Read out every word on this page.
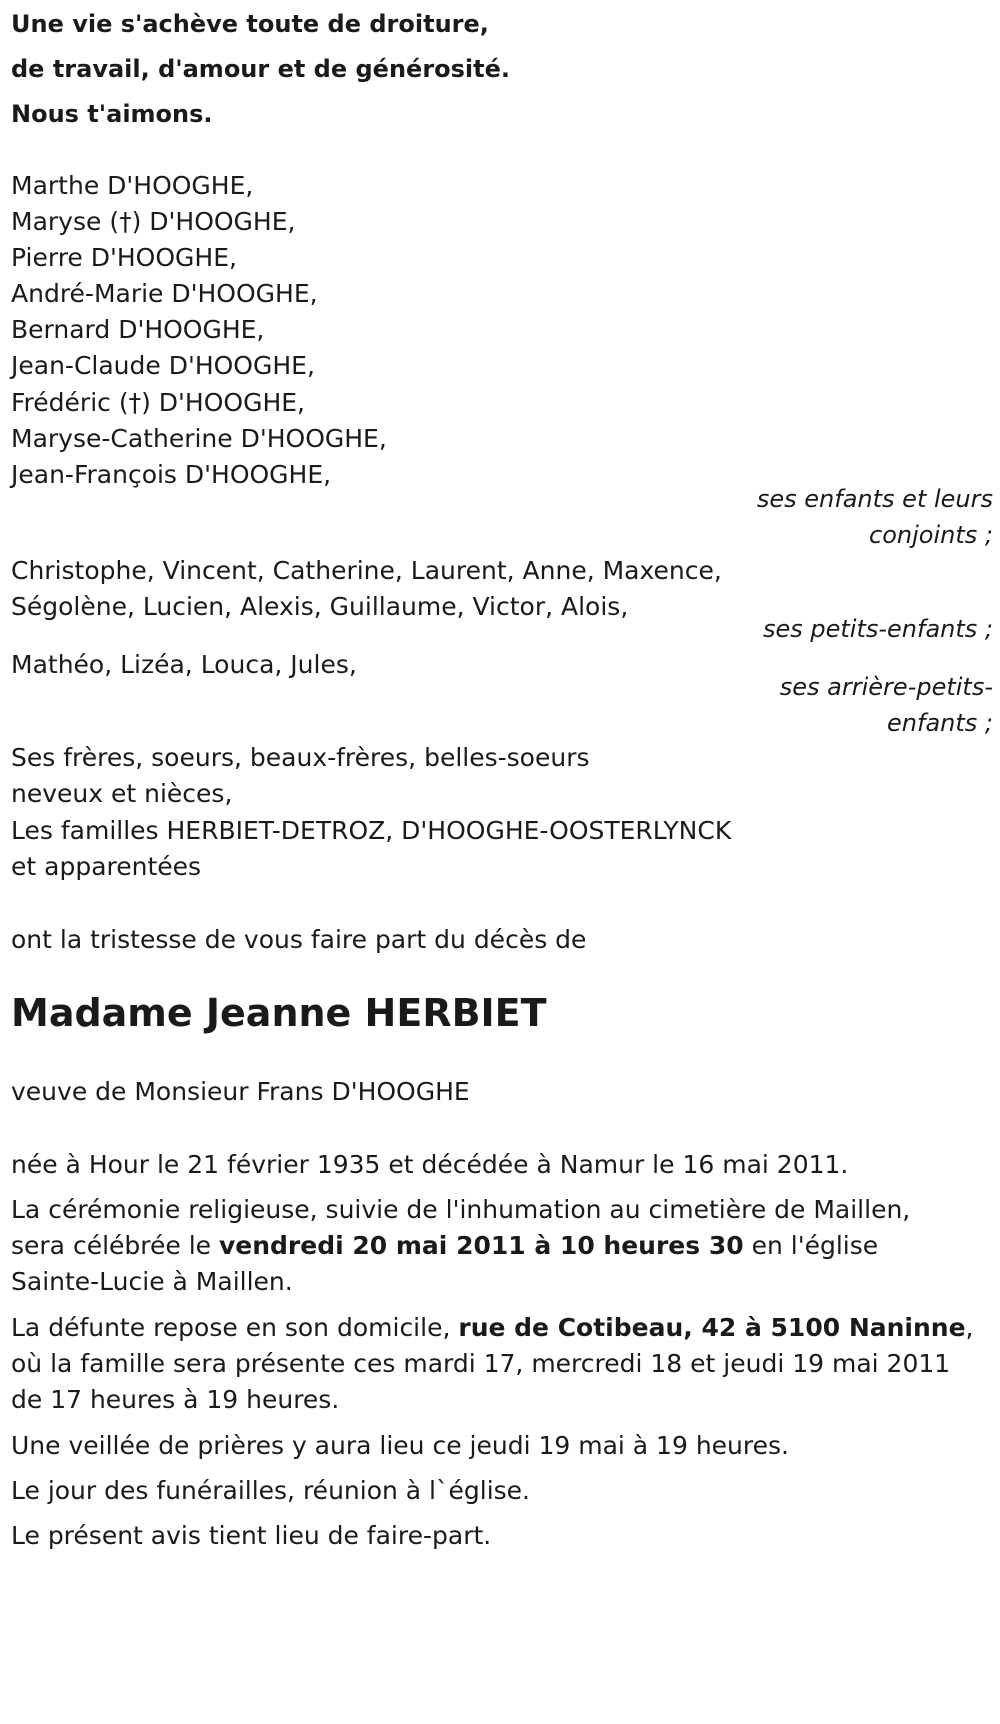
Une vie s'achève toute de droiture,
de travail, d'amour et de générosité.
Nous t'aimons.
Marthe D'HOOGHE,
Maryse (†) D'HOOGHE,
Pierre D'HOOGHE,
André-Marie D'HOOGHE,
Bernard D'HOOGHE,
Jean-Claude D'HOOGHE,
Frédéric (†) D'HOOGHE,
Maryse-Catherine D'HOOGHE,
Jean-François D'HOOGHE,
ses enfants et leurs
conjoints ;
Christophe, Vincent, Catherine, Laurent, Anne, Maxence,
Ségolène, Lucien, Alexis, Guillaume, Victor, Alois,
ses petits-enfants ;
Mathéo, Lizéa, Louca, Jules,
ses arrière-petits-
enfants ;
Ses frères, soeurs, beaux-frères, belles-soeurs
neveux et nièces,
Les familles HERBIET-DETROZ, D'HOOGHE-OOSTERLYNCK
et apparentées
ont la tristesse de vous faire part du décès de
Madame Jeanne HERBIET
veuve de Monsieur Frans D'HOOGHE
née à Hour le 21 février 1935 et décédée à Namur le 16 mai 2011.
La cérémonie religieuse, suivie de l'inhumation au cimetière de Maillen,
sera célébrée le vendredi 20 mai 2011 à 10 heures 30 en l'église
Sainte-Lucie à Maillen.
La défunte repose en son domicile, rue de Cotibeau, 42 à 5100 Naninne,
où la famille sera présente ces mardi 17, mercredi 18 et jeudi 19 mai 2011
de 17 heures à 19 heures.
Une veillée de prières y aura lieu ce jeudi 19 mai à 19 heures.
Le jour des funérailles, réunion à l`église.
Le présent avis tient lieu de faire-part.
